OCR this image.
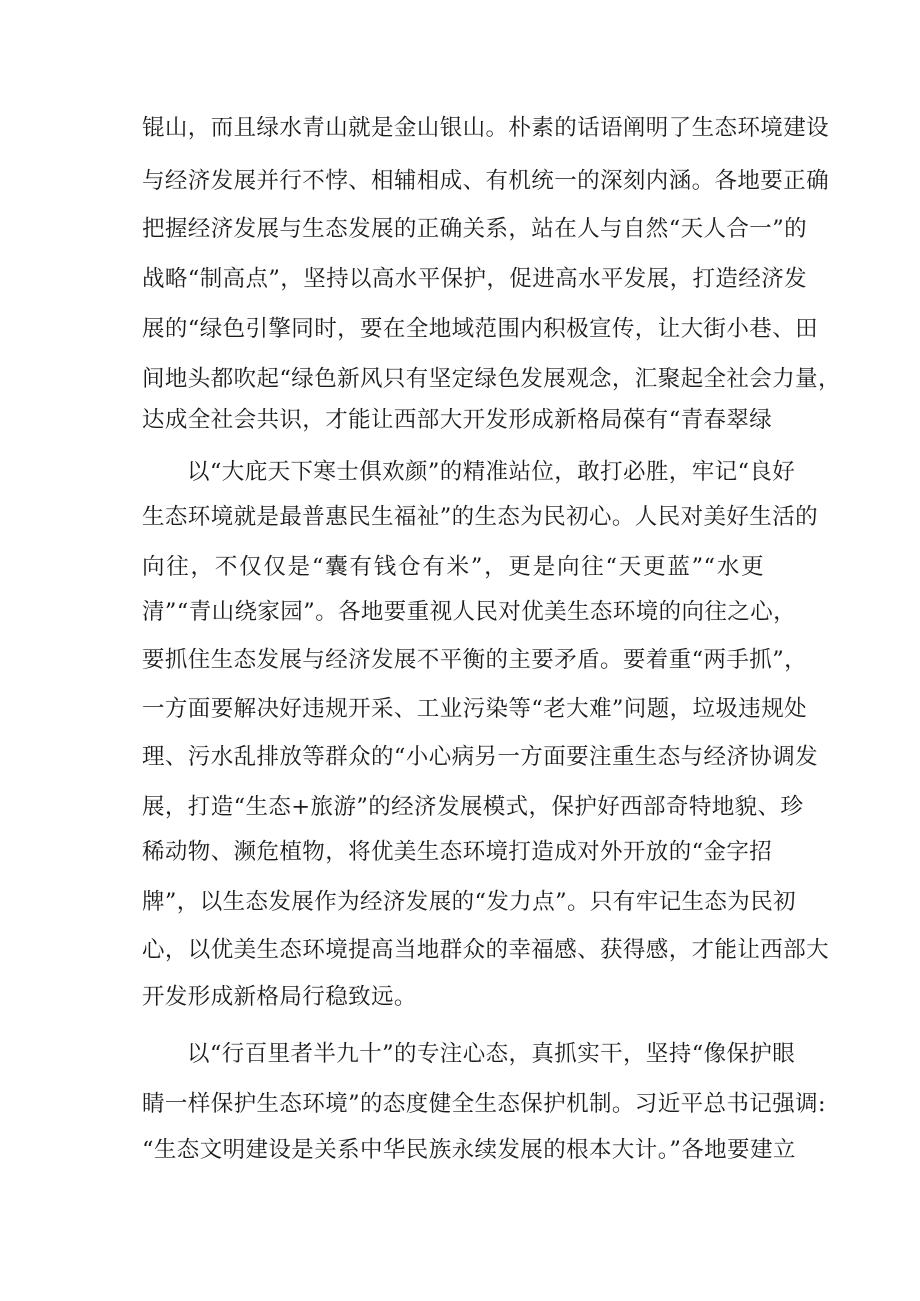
锟山，而且绿水青山就是金山银山。朴素的话语阐明了生态环境建设
与经济发展并行不悖、相辅相成、有机统一的深刻内涵。各地要正确
把握经济发展与生态发展的正确关系，站在人与自然“天人合一”的
战略“制高点”，坚持以高水平保护，促进高水平发展，打造经济发
展的“绿色引擎同时，要在全地域范围内积极宣传，让大街小巷、田
间地头都吹起“绿色新风只有坚定绿色发展观念，汇聚起全社会力量，
达成全社会共识，才能让西部大开发形成新格局葆有“青春翠绿
以“大庇天下寒士俱欢颜”的精准站位，敢打必胜，牢记“良好
生态环境就是最普惠民生福祉”的生态为民初心。人民对美好生活的
向往，不仅仅是“囊有钱仓有米”，更是向往“天更蓝”“水更
清”“青山绕家园”。各地要重视人民对优美生态环境的向往之心，
要抓住生态发展与经济发展不平衡的主要矛盾。要着重“两手抓”，
一方面要解决好违规开采、工业污染等“老大难”问题，垃圾违规处
理、污水乱排放等群众的“小心病另一方面要注重生态与经济协调发
展，打造“生态+旅游”的经济发展模式，保护好西部奇特地貌、珍
稀动物、濒危植物，将优美生态环境打造成对外开放的“金字招
牌”，以生态发展作为经济发展的“发力点”。只有牢记生态为民初
心，以优美生态环境提高当地群众的幸福感、获得感，才能让西部大
开发形成新格局行稳致远。
以“行百里者半九十”的专注心态，真抓实干，坚持“像保护眼
睛一样保护生态环境”的态度健全生态保护机制。习近平总书记强调:
“生态文明建设是关系中华民族永续发展的根本大计。”各地要建立
